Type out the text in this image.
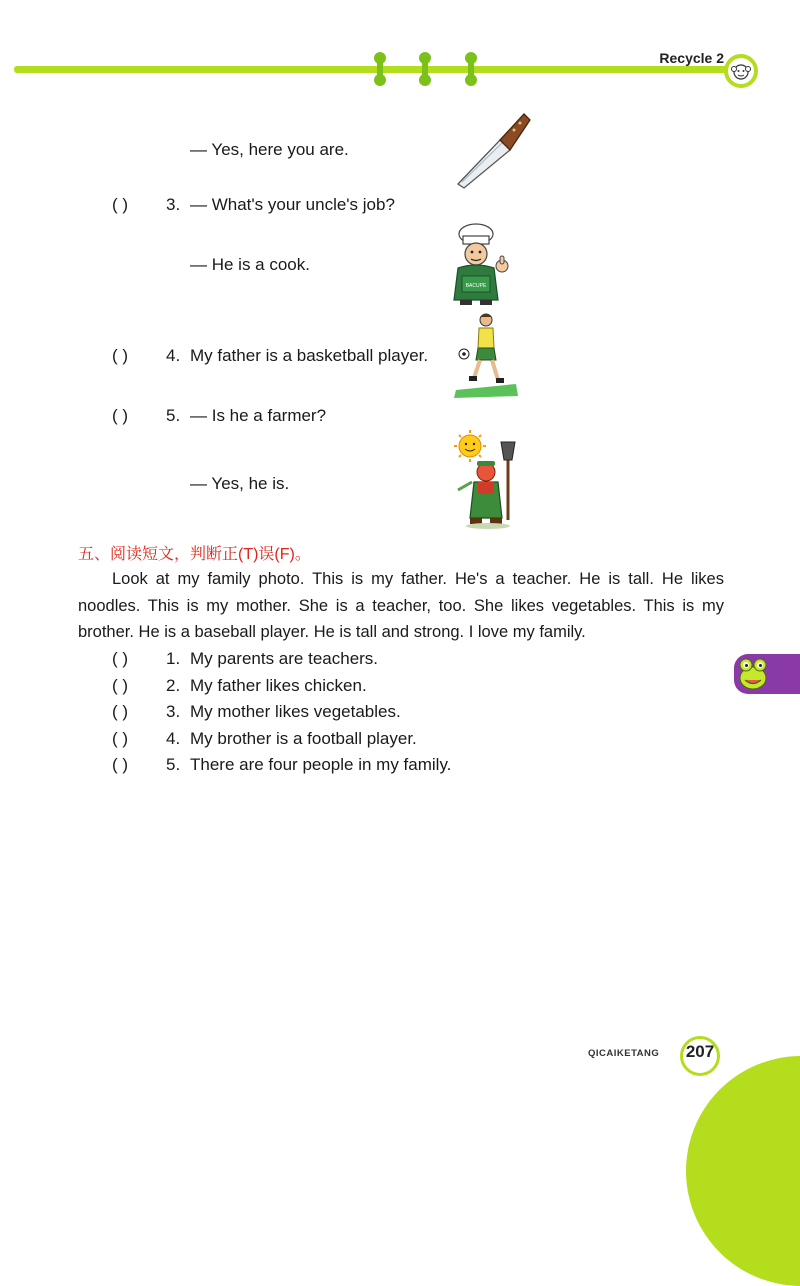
Recycle 2
— Yes, here you are.
( ) 3. — What's your uncle's job?
— He is a cook.
BACUPE
( ) 4. My father is a basketball player.
( ) 5. — Is he a farmer?
— Yes, he is.
五、阅读短文，判断正(T)误(F)。
Look at my family photo. This is my father. He's a teacher. He is tall. He likes noodles. This is my mother. She is a teacher, too. She likes vegetables. This is my brother. He is a baseball player. He is tall and strong. I love my family.
( ) 1. My parents are teachers.
( ) 2. My father likes chicken.
( ) 3. My mother likes vegetables.
( ) 4. My brother is a football player.
( ) 5. There are four people in my family.
QICAIKETANG	207
